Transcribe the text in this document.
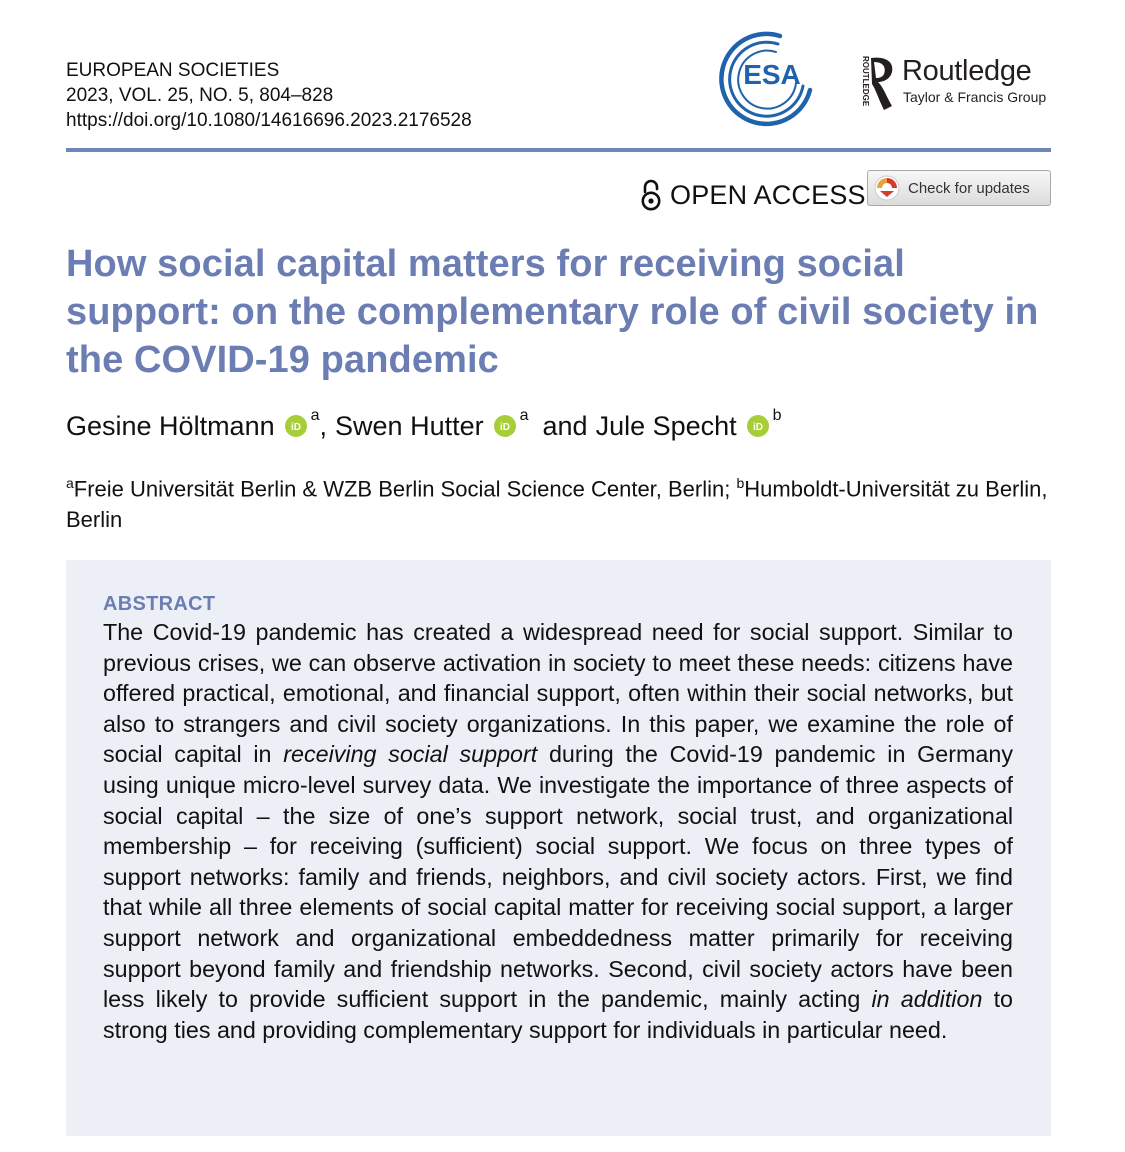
EUROPEAN SOCIETIES
2023, VOL. 25, NO. 5, 804–828
https://doi.org/10.1080/14616696.2023.2176528
ESA	ROUTLEDGE Routledge
Taylor & Francis Group
OPEN ACCESS	Check for updates
How social capital matters for receiving social support: on the complementary role of civil society in the COVID-19 pandemic
Gesine Höltmann iD
a , Swen Hutter iD
a and Jule Specht iD
b
$^a$Freie Universität Berlin & WZB Berlin Social Science Center, Berlin; $^b$Humboldt-Universität zu Berlin, Berlin
ABSTRACT

The Covid-19 pandemic has created a widespread need for social support. Similar to previous crises, we can observe activation in society to meet these needs: citizens have offered practical, emotional, and financial support, often within their social networks, but also to strangers and civil society organizations. In this paper, we examine the role of social capital in receiving social support during the Covid-19 pandemic in Germany using unique micro-level survey data. We investigate the importance of three aspects of social capital – the size of one’s support network, social trust, and organizational membership – for receiving (sufficient) social support. We focus on three types of support networks: family and friends, neighbors, and civil society actors. First, we find that while all three elements of social capital matter for receiving social support, a larger support network and organizational embeddedness matter primarily for receiving support beyond family and friendship networks. Second, civil society actors have been less likely to provide sufficient support in the pandemic, mainly acting in addition to strong ties and providing complementary support for individuals in particular need.
